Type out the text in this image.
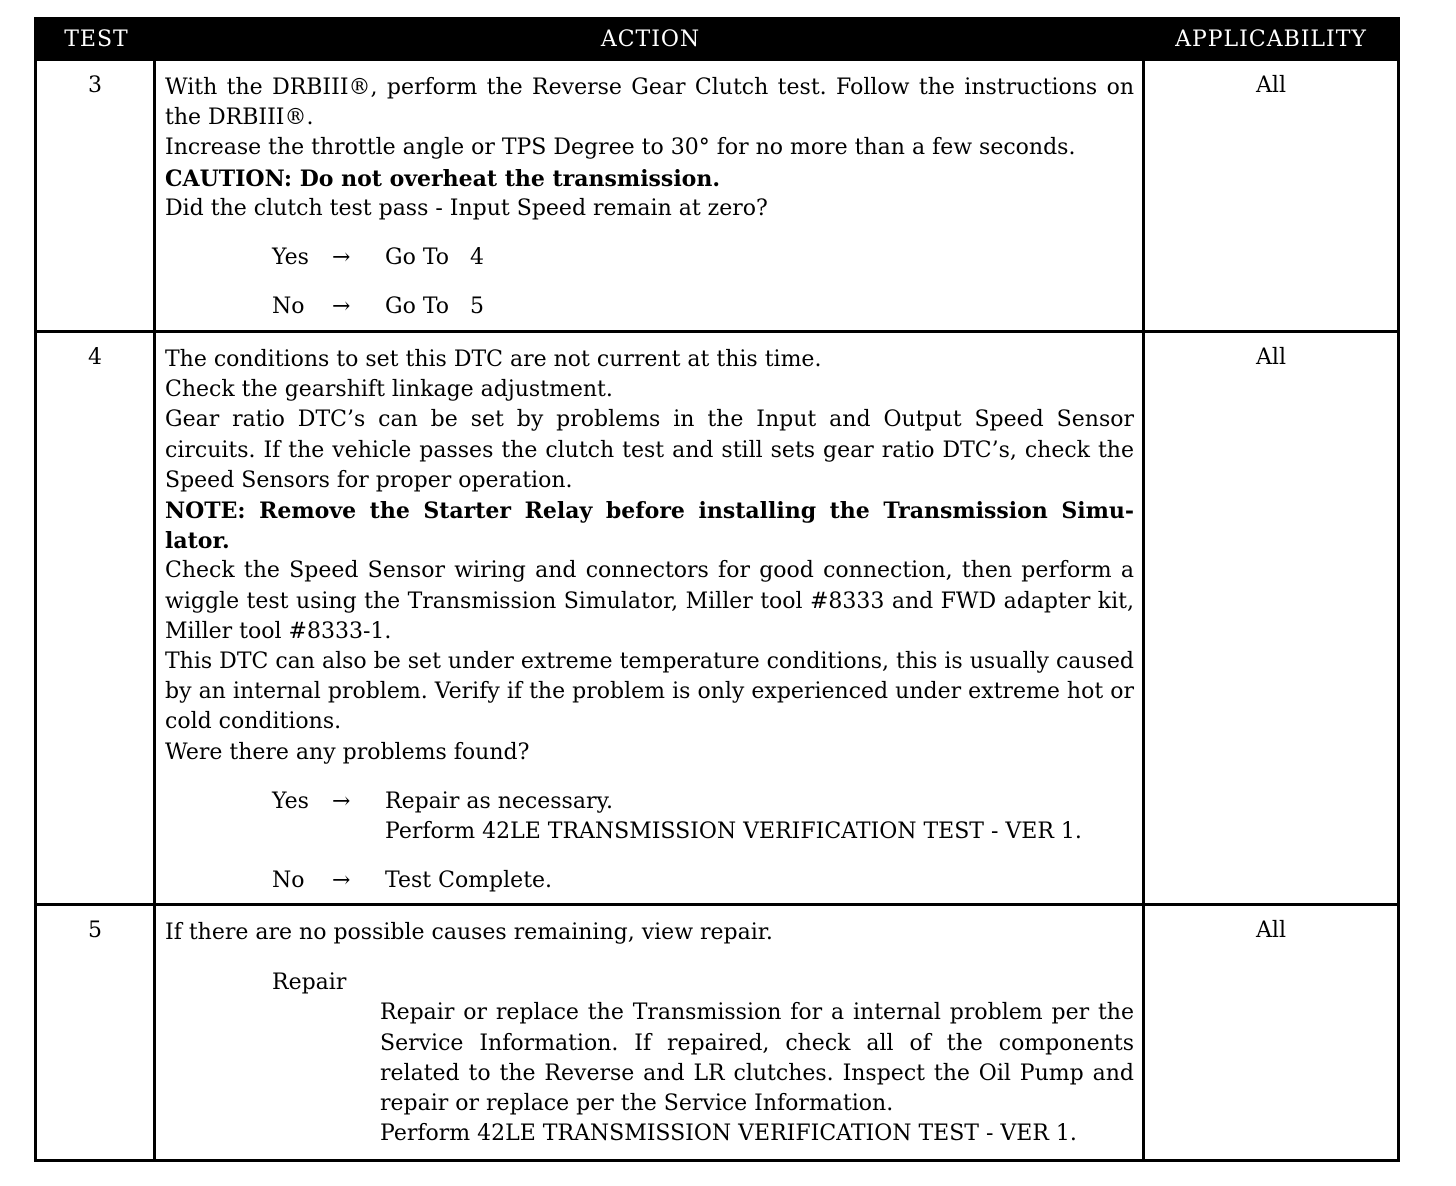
TEST	ACTION	APPLICABILITY
3	With the DRBIII®, perform the Reverse Gear Clutch test. Follow the instructions on the DRBIII®.

Increase the throttle angle or TPS Degree to 30° for no more than a few seconds.

CAUTION: Do not overheat the transmission.

Did the clutch test pass - Input Speed remain at zero?

Yes	→	Go To   4
No	→	Go To   5
All
4	The conditions to set this DTC are not current at this time.

Check the gearshift linkage adjustment.

Gear ratio DTC’s can be set by problems in the Input and Output Speed Sensor circuits. If the vehicle passes the clutch test and still sets gear ratio DTC’s, check the Speed Sensors for proper operation.

NOTE: Remove the Starter Relay before installing the Transmission Simu-lator.

Check the Speed Sensor wiring and connectors for good connection, then perform a wiggle test using the Transmission Simulator, Miller tool #8333 and FWD adapter kit, Miller tool #8333-1.

This DTC can also be set under extreme temperature conditions, this is usually caused by an internal problem. Verify if the problem is only experienced under extreme hot or cold conditions.

Were there any problems found?

Yes	→	Repair as necessary.
Perform 42LE TRANSMISSION VERIFICATION TEST - VER 1.
No	→	Test Complete.
All
5	If there are no possible causes remaining, view repair.

Repair
Repair or replace the Transmission for a internal problem per the Service Information. If repaired, check all of the components related to the Reverse and LR clutches. Inspect the Oil Pump and repair or replace per the Service Information.
Perform 42LE TRANSMISSION VERIFICATION TEST - VER 1.
All
